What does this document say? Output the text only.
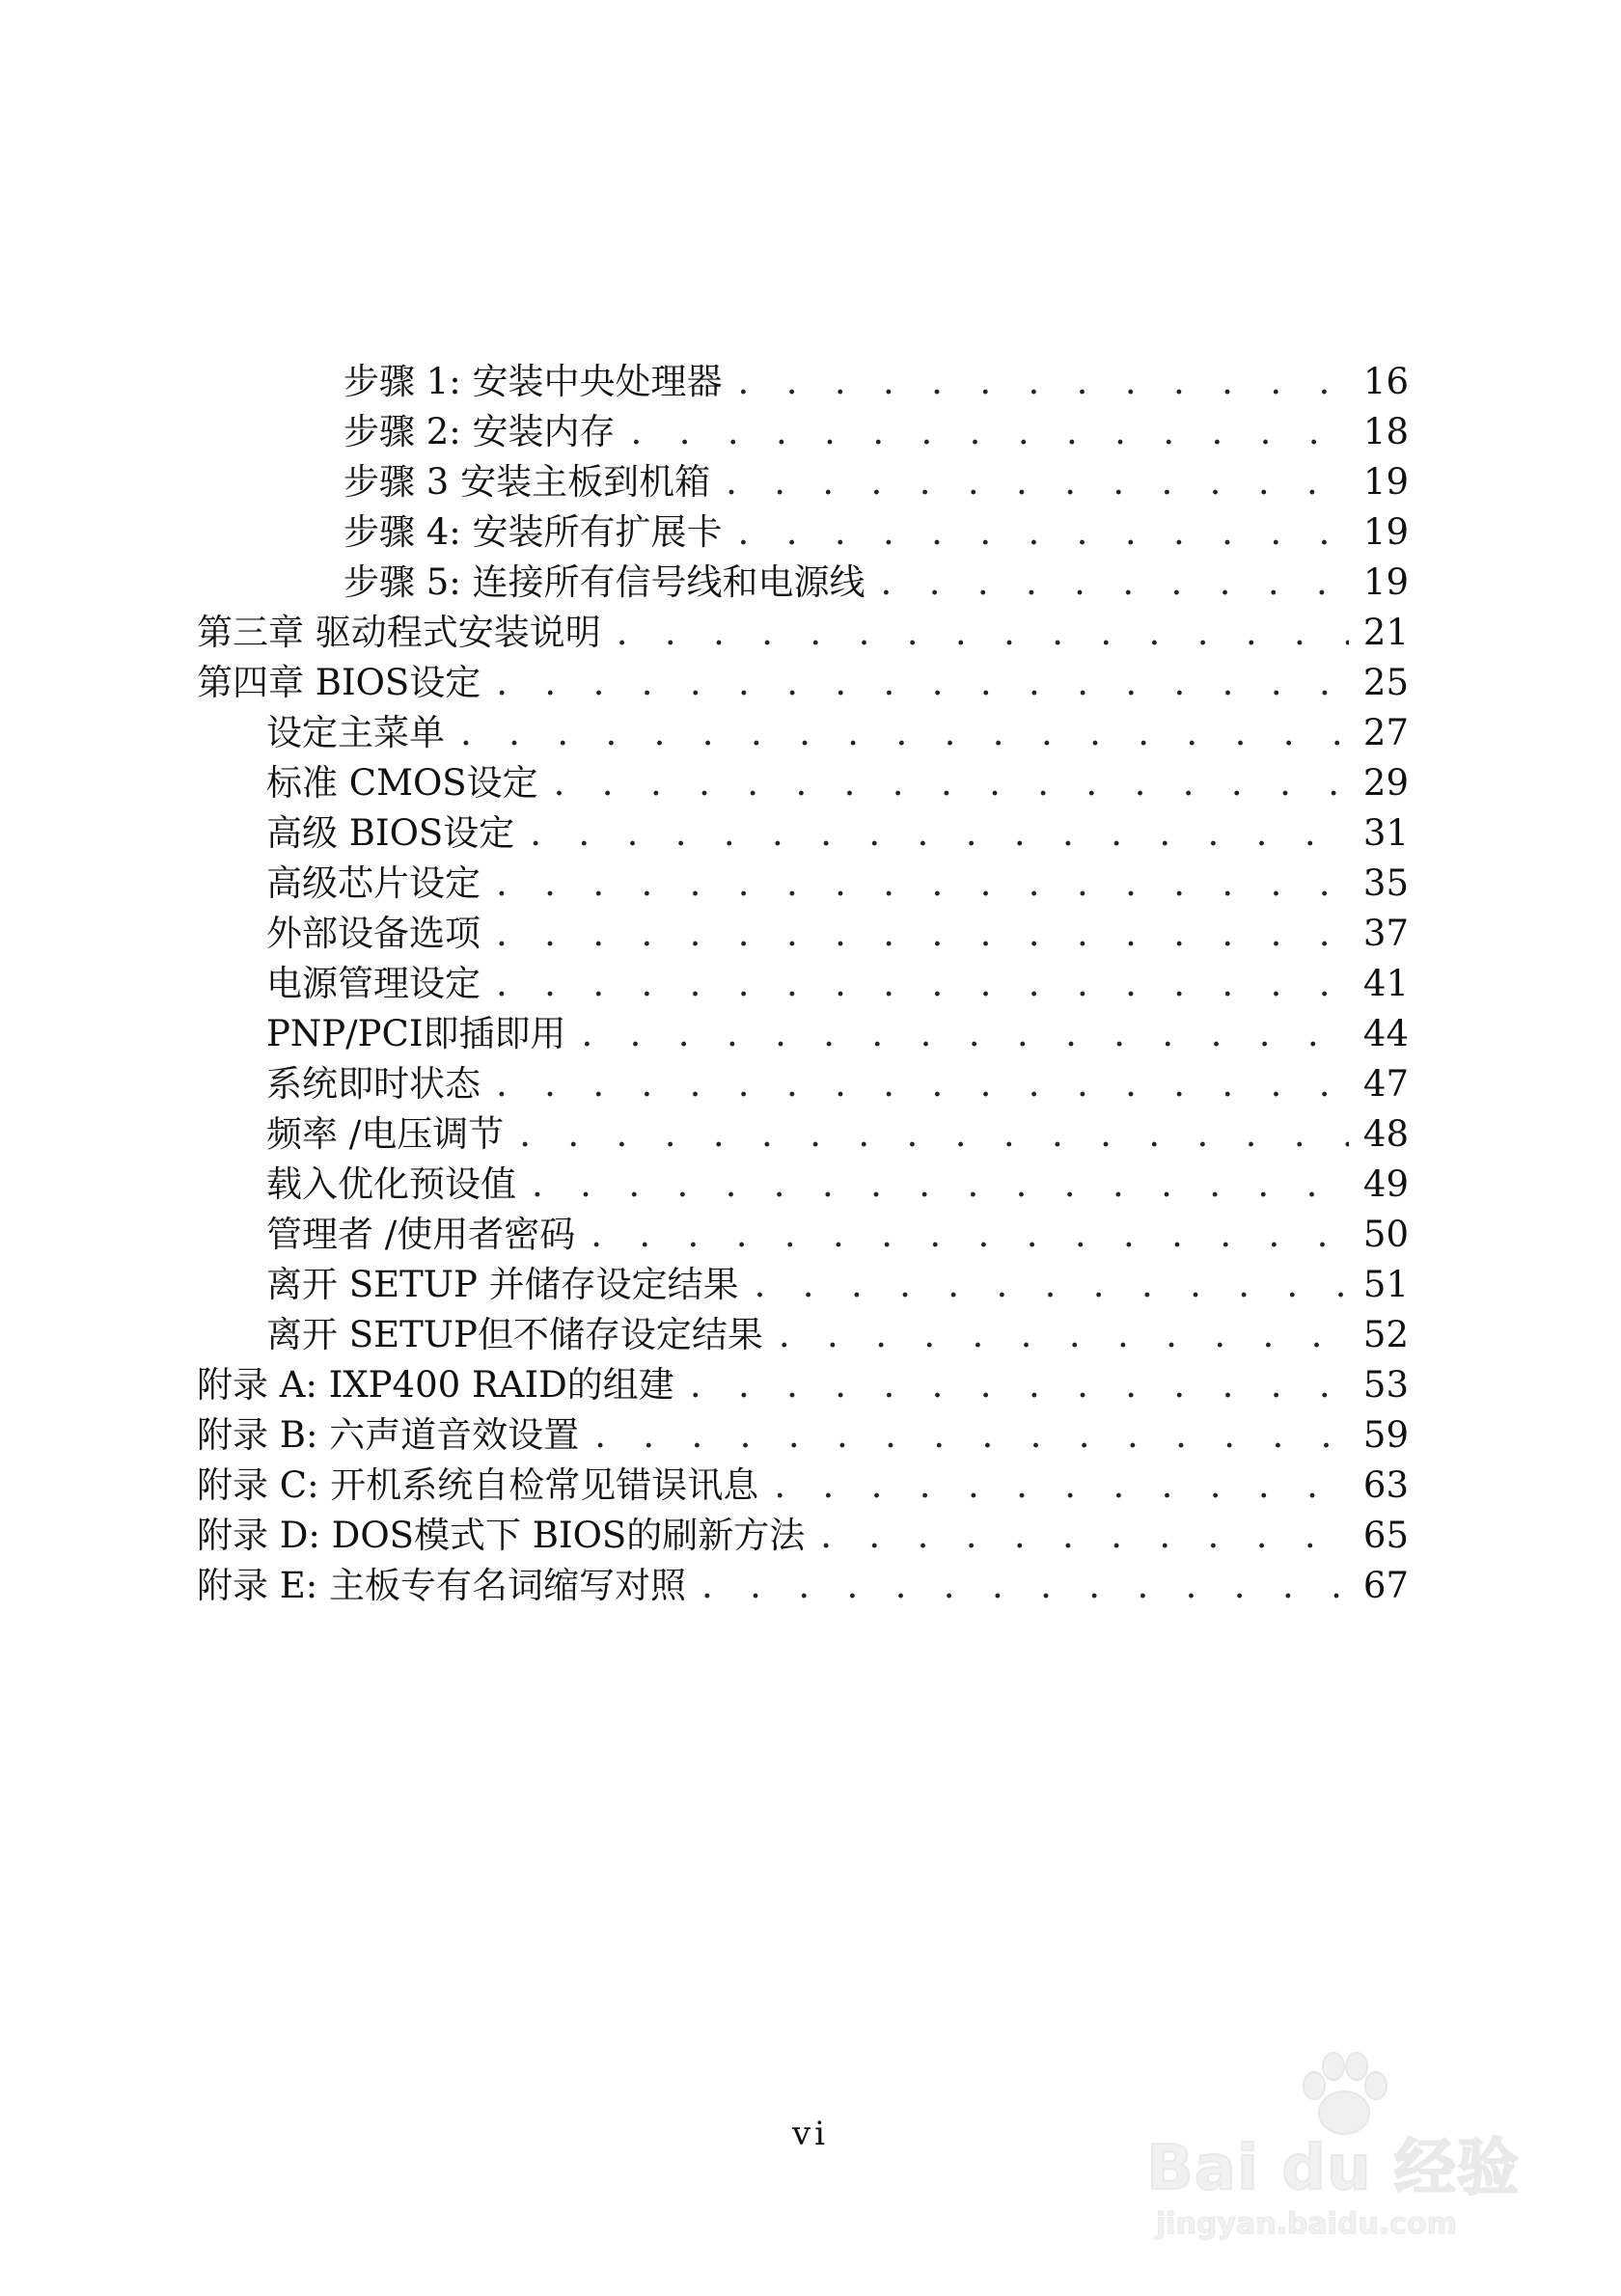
步骤 1: 安装中央处理器 . . .	16
步骤 2: 安装内存 . . .	18
步骤 3 安装主板到机箱 . . .	19
步骤 4: 安装所有扩展卡 . . .	19
步骤 5: 连接所有信号线和电源线 . . .	19
第三章 驱动程式安装说明 . . .	21
第四章 BIOS设定 . . .	25
设定主菜单 . . .	27
标准 CMOS设定 . . .	29
高级 BIOS设定 . . .	31
高级芯片设定 . . .	35
外部设备选项 . . .	37
电源管理设定 . . .	41
PNP/PCI即插即用 . . .	44
系统即时状态 . . .	47
频率 /电压调节 . . .	48
载入优化预设值 . . .	49
管理者 /使用者密码 . . .	50
离开 SETUP 并储存设定结果 . . .	51
离开 SETUP但不储存设定结果 . . .	52
附录 A: IXP400 RAID的组建 . . .	53
附录 B: 六声道音效设置 . . .	59
附录 C: 开机系统自检常见错误讯息 . . .	63
附录 D: DOS模式下 BIOS的刷新方法 . . .	65
附录 E: 主板专有名词缩写对照 . . .	67
vi	Bai du 经验
jingyan.baidu.com
